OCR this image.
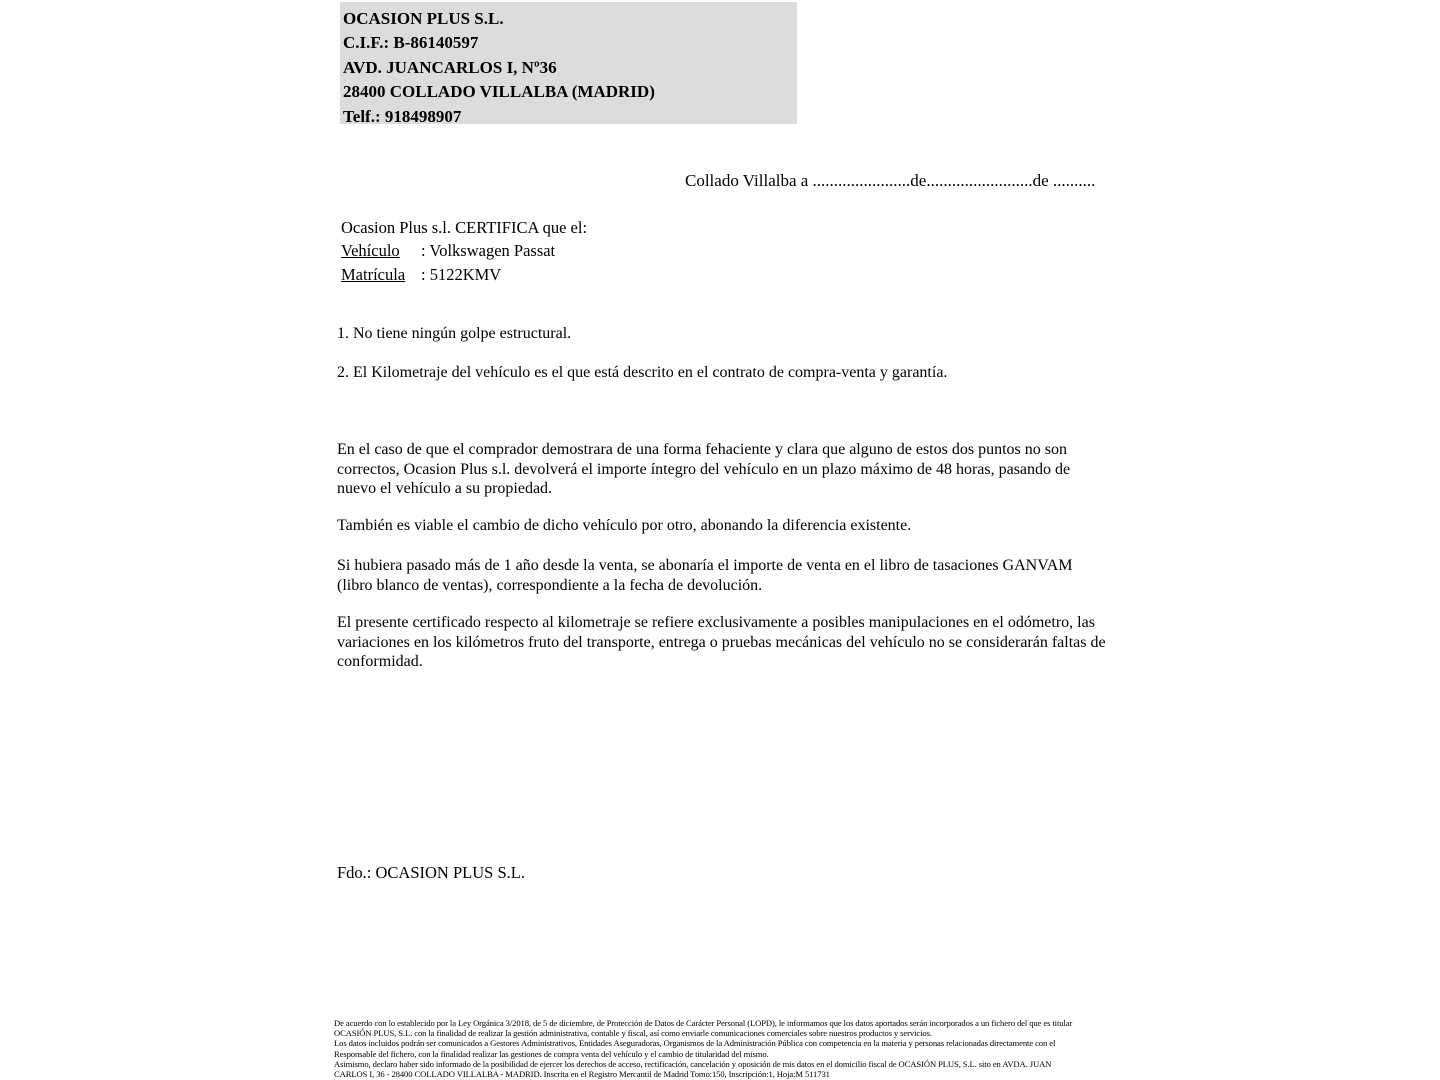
OCASION PLUS S.L.
C.I.F.: B-86140597
AVD. JUANCARLOS I, Nº36
28400 COLLADO VILLALBA (MADRID)
Telf.: 918498907
Collado Villalba a .......................de.........................de ..........
Ocasion Plus s.l. CERTIFICA que el:
Vehículo : Volkswagen Passat
Matrícula : 5122KMV
1. No tiene ningún golpe estructural.
2. El Kilometraje del vehículo es el que está descrito en el contrato de compra-venta y garantía.
En el caso de que el comprador demostrara de una forma fehaciente y clara que alguno de estos dos puntos no son correctos, Ocasion Plus s.l. devolverá el importe íntegro del vehículo en un plazo máximo de 48 horas, pasando de nuevo el vehículo a su propiedad.
También es viable el cambio de dicho vehículo por otro, abonando la diferencia existente.
Si hubiera pasado más de 1 año desde la venta, se abonaría el importe de venta en el libro de tasaciones GANVAM (libro blanco de ventas), correspondiente a la fecha de devolución.
El presente certificado respecto al kilometraje se refiere exclusivamente a posibles manipulaciones en el odómetro, las variaciones en los kilómetros fruto del transporte, entrega o pruebas mecánicas del vehículo no se considerarán faltas de conformidad.
Fdo.: OCASION PLUS S.L.
De acuerdo con lo establecido por la Ley Orgánica 3/2018, de 5 de diciembre, de Protección de Datos de Carácter Personal (LOPD), le informamos que los datos aportados serán incorporados a un fichero del que es titular
OCASIÓN PLUS, S.L. con la finalidad de realizar la gestión administrativa, contable y fiscal, así como enviarle comunicaciones comerciales sobre nuestros productos y servicios.
Los datos incluidos podrán ser comunicados a Gestores Administrativos, Entidades Aseguradoras, Organismos de la Administración Pública con competencia en la materia y personas relacionadas directamente con el
Responsable del fichero, con la finalidad realizar las gestiones de compra venta del vehículo y el cambio de titularidad del mismo.
Asimismo, declaro haber sido informado de la posibilidad de ejercer los derechos de acceso, rectificación, cancelación y oposición de mis datos en el domicilio fiscal de OCASIÓN PLUS, S.L. sito en AVDA. JUAN
CARLOS I, 36 - 28400 COLLADO VILLALBA - MADRID. Inscrita en el Registro Mercantil de Madrid Tomo:150, Inscripción:1, Hoja:M 511731
